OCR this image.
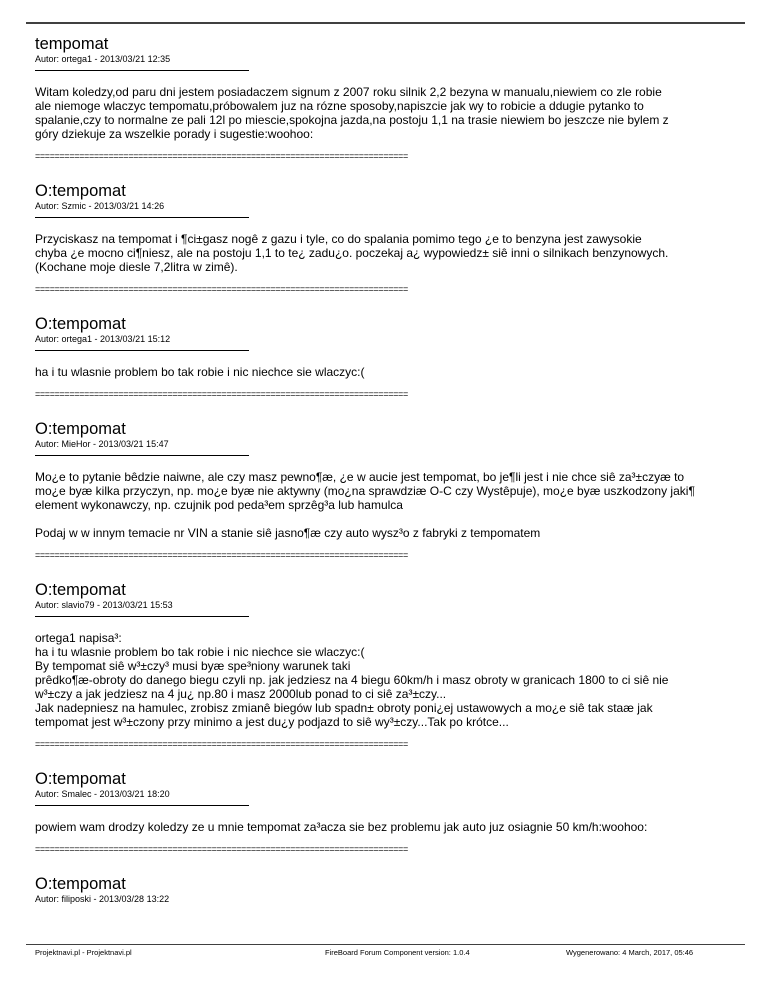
tempomat
Autor: ortega1 - 2013/03/21 12:35
Witam koledzy,od paru dni jestem posiadaczem signum z 2007 roku silnik 2,2 bezyna w manualu,niewiem co zle robie
ale niemoge wlaczyc tempomatu,próbowalem juz na rózne sposoby,napiszcie jak wy to robicie a ddugie pytanko to
spalanie,czy to normalne ze pali 12l po miescie,spokojna jazda,na postoju 1,1 na trasie niewiem bo jeszcze nie bylem z
góry dziekuje za wszelkie porady i sugestie:woohoo:
============================================================================
O:tempomat
Autor: Szmic - 2013/03/21 14:26
Przyciskasz na tempomat i ¶ci±gasz nogê z gazu i tyle, co do spalania pomimo tego ¿e to benzyna jest zawysokie
chyba ¿e mocno ci¶niesz, ale na postoju 1,1 to te¿ zadu¿o. poczekaj a¿ wypowiedz± siê inni o silnikach benzynowych.
(Kochane moje diesle 7,2litra w zimê).
============================================================================
O:tempomat
Autor: ortega1 - 2013/03/21 15:12
ha i tu wlasnie problem bo tak robie i nic niechce sie wlaczyc:(
============================================================================
O:tempomat
Autor: MieHor - 2013/03/21 15:47
Mo¿e to pytanie bêdzie naiwne, ale czy masz pewno¶æ, ¿e w aucie jest tempomat, bo je¶li jest i nie chce siê za³±czyæ to
mo¿e byæ kilka przyczyn, np. mo¿e byæ nie aktywny (mo¿na sprawdziæ O-C czy Wystêpuje), mo¿e byæ uszkodzony jaki¶
element wykonawczy, np. czujnik pod peda³em sprzêg³a lub hamulca

Podaj w w innym temacie nr VIN a stanie siê jasno¶æ czy auto wysz³o z fabryki z tempomatem
============================================================================
O:tempomat
Autor: slavio79 - 2013/03/21 15:53
ortega1 napisa³:
ha i tu wlasnie problem bo tak robie i nic niechce sie wlaczyc:(
By tempomat siê w³±czy³ musi byæ spe³niony warunek taki
prêdko¶æ-obroty do danego biegu czyli np. jak jedziesz na 4 biegu 60km/h i masz obroty w granicach 1800 to ci siê nie
w³±czy a jak jedziesz na 4 ju¿ np.80 i masz 2000lub ponad to ci siê za³±czy...
Jak nadepniesz na hamulec, zrobisz zmianê biegów lub spadn± obroty poni¿ej ustawowych a mo¿e siê tak staæ jak
tempomat jest w³±czony przy minimo a jest du¿y podjazd to siê wy³±czy...Tak po krótce...
============================================================================
O:tempomat
Autor: Smalec - 2013/03/21 18:20
powiem wam drodzy koledzy ze u mnie tempomat za³acza sie bez problemu jak auto juz osiagnie 50 km/h:woohoo:
============================================================================
O:tempomat
Autor: filiposki - 2013/03/28 13:22
Projektnavi.pl - Projektnavi.pl	FireBoard Forum Component version: 1.0.4	Wygenerowano: 4 March, 2017, 05:46
